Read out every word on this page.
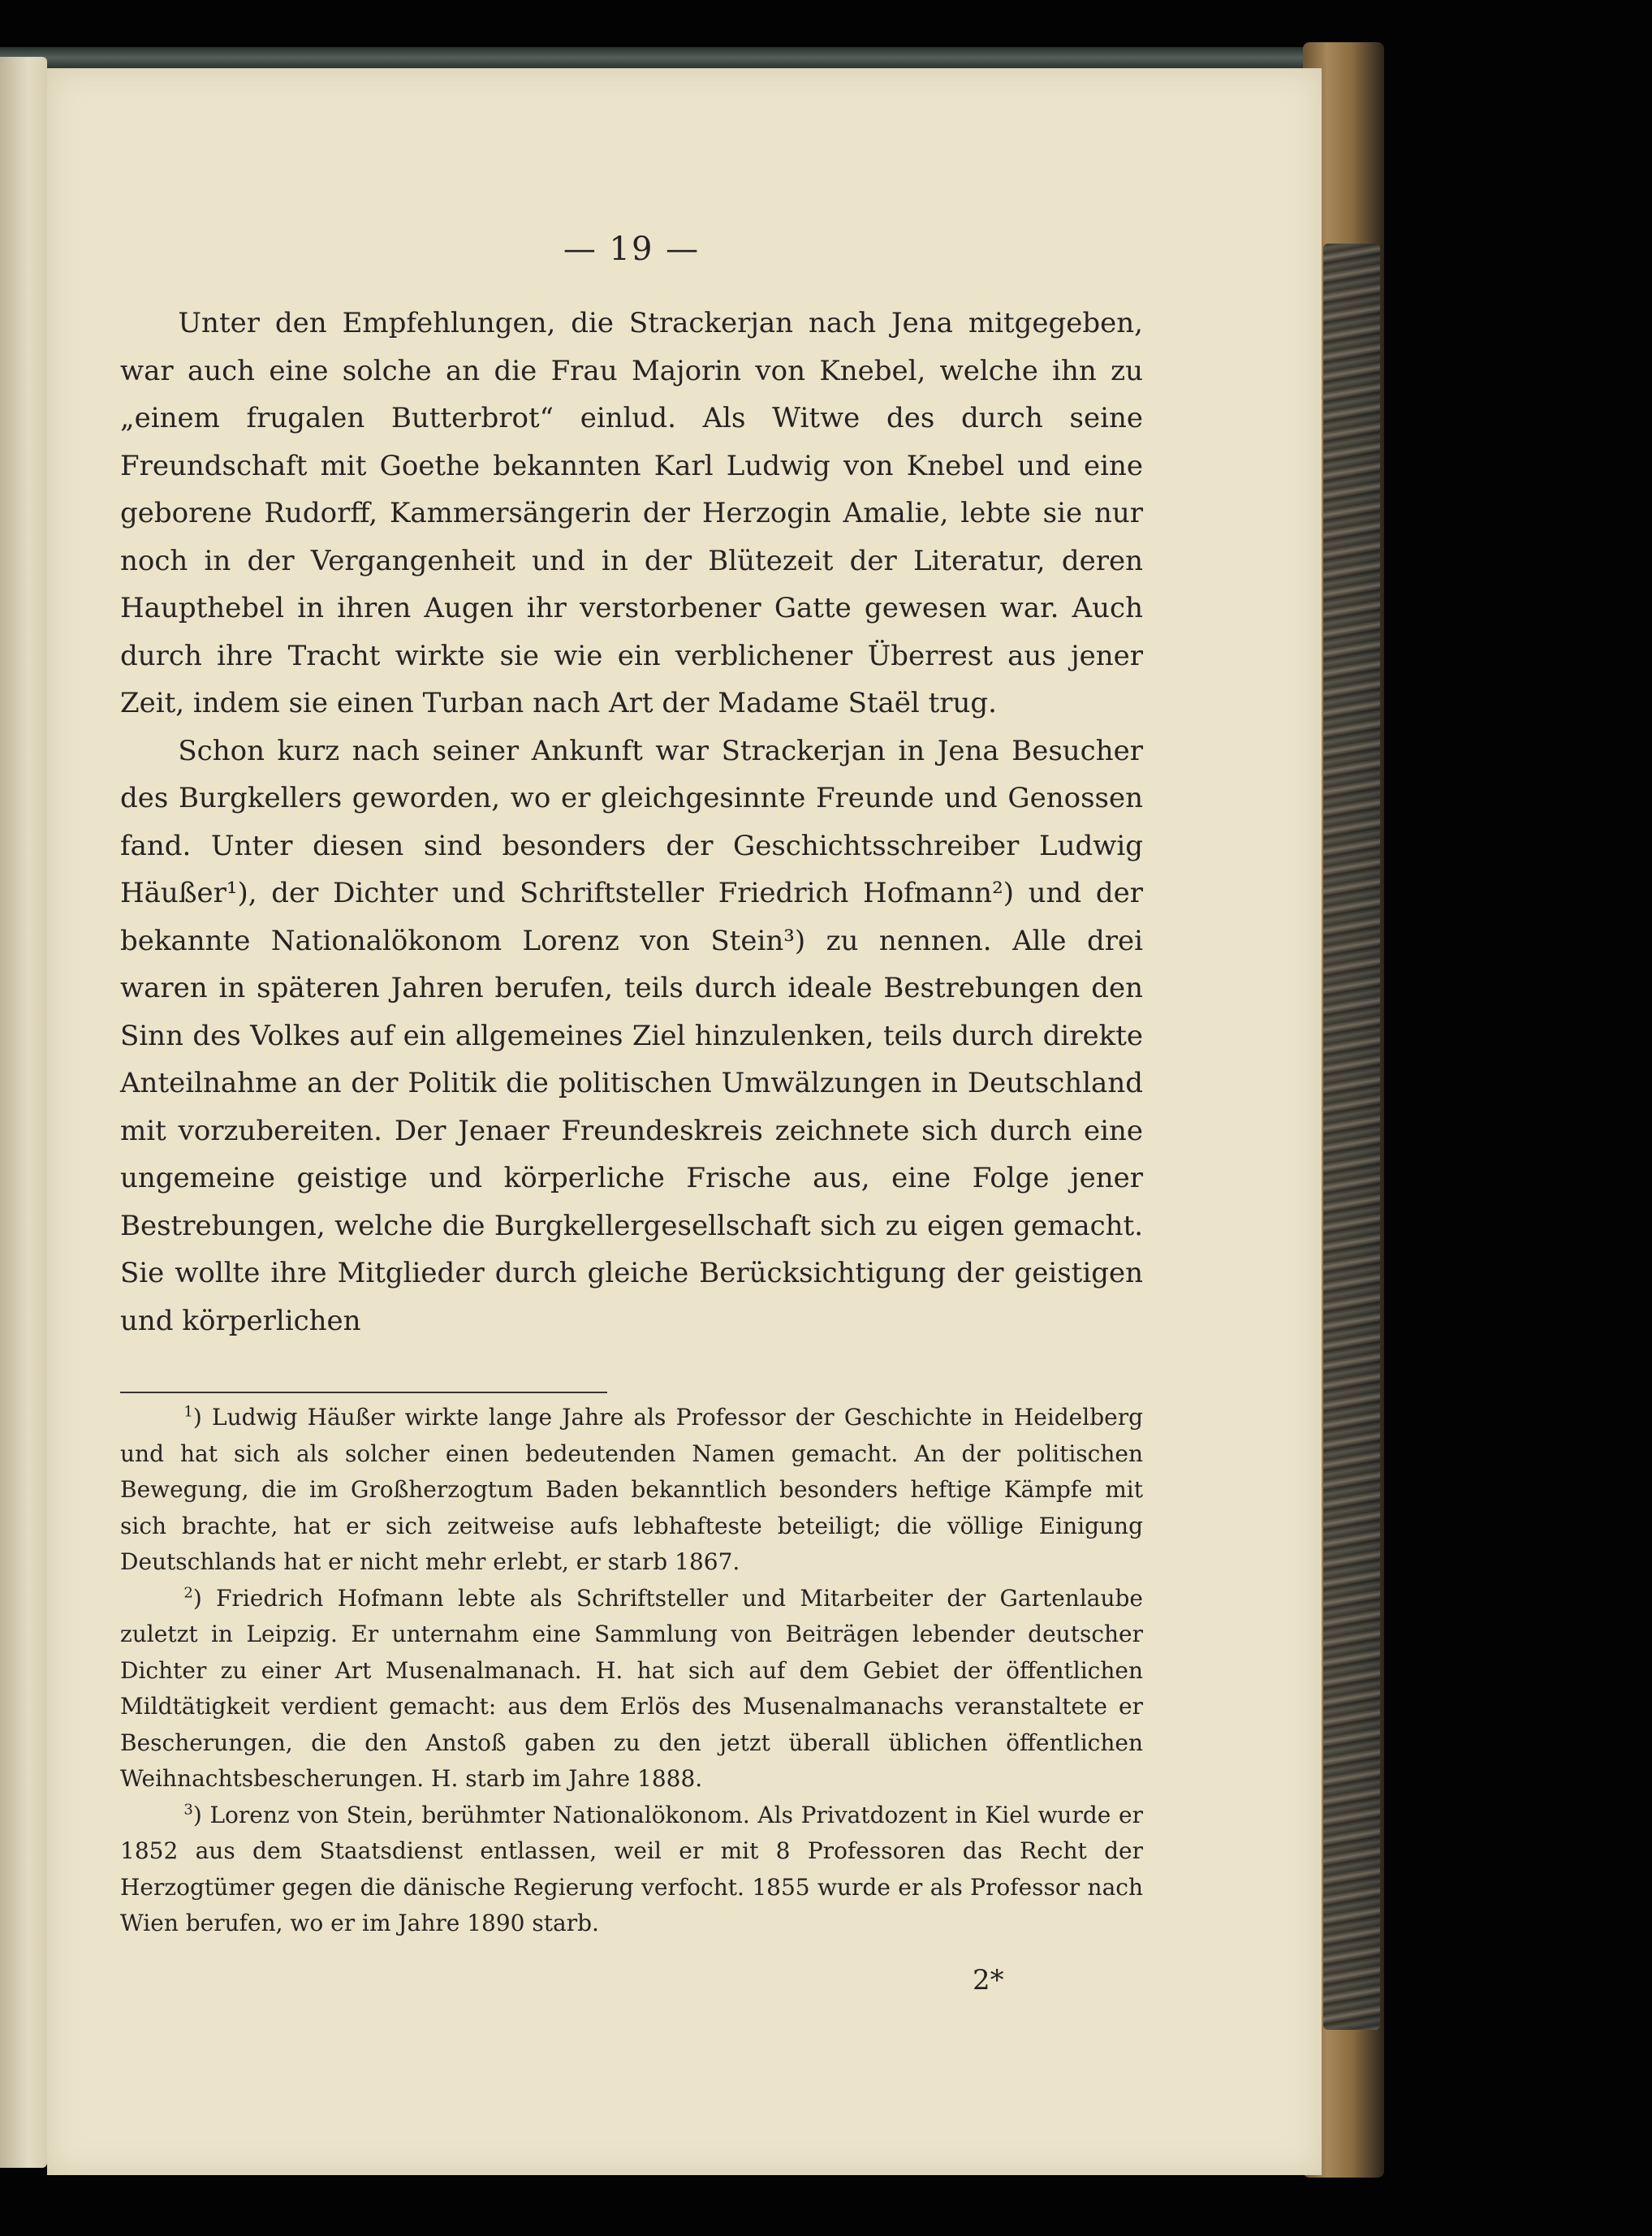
— 19 —

Unter den Empfehlungen, die Strackerjan nach Jena mitgegeben, war auch eine solche an die Frau Majorin von Knebel, welche ihn zu „einem frugalen Butterbrot“ einlud. Als Witwe des durch seine Freundschaft mit Goethe bekannten Karl Ludwig von Knebel und eine geborene Rudorff, Kammersängerin der Herzogin Amalie, lebte sie nur noch in der Vergangenheit und in der Blütezeit der Literatur, deren Haupthebel in ihren Augen ihr verstorbener Gatte gewesen war. Auch durch ihre Tracht wirkte sie wie ein verblichener Überrest aus jener Zeit, indem sie einen Turban nach Art der Madame Staël trug.

Schon kurz nach seiner Ankunft war Strackerjan in Jena Besucher des Burgkellers geworden, wo er gleichgesinnte Freunde und Genossen fand. Unter diesen sind besonders der Geschichtsschreiber Ludwig Häußer¹), der Dichter und Schriftsteller Friedrich Hofmann²) und der bekannte Nationalökonom Lorenz von Stein³) zu nennen. Alle drei waren in späteren Jahren berufen, teils durch ideale Bestrebungen den Sinn des Volkes auf ein allgemeines Ziel hinzulenken, teils durch direkte Anteilnahme an der Politik die politischen Umwälzungen in Deutschland mit vorzubereiten. Der Jenaer Freundeskreis zeichnete sich durch eine ungemeine geistige und körperliche Frische aus, eine Folge jener Bestrebungen, welche die Burgkellergesellschaft sich zu eigen gemacht. Sie wollte ihre Mitglieder durch gleiche Berücksichtigung der geistigen und körperlichen

$^1$) Ludwig Häußer wirkte lange Jahre als Professor der Geschichte in Heidelberg und hat sich als solcher einen bedeutenden Namen gemacht. An der politischen Bewegung, die im Großherzogtum Baden bekanntlich besonders heftige Kämpfe mit sich brachte, hat er sich zeitweise aufs lebhafteste beteiligt; die völlige Einigung Deutschlands hat er nicht mehr erlebt, er starb 1867.

$^2$) Friedrich Hofmann lebte als Schriftsteller und Mitarbeiter der Gartenlaube zuletzt in Leipzig. Er unternahm eine Sammlung von Beiträgen lebender deutscher Dichter zu einer Art Musenalmanach. H. hat sich auf dem Gebiet der öffentlichen Mildtätigkeit verdient gemacht: aus dem Erlös des Musenalmanachs veranstaltete er Bescherungen, die den Anstoß gaben zu den jetzt überall üblichen öffentlichen Weihnachtsbescherungen. H. starb im Jahre 1888.

$^3$) Lorenz von Stein, berühmter Nationalökonom. Als Privatdozent in Kiel wurde er 1852 aus dem Staatsdienst entlassen, weil er mit 8 Professoren das Recht der Herzogtümer gegen die dänische Regierung verfocht. 1855 wurde er als Professor nach Wien berufen, wo er im Jahre 1890 starb.

2*
